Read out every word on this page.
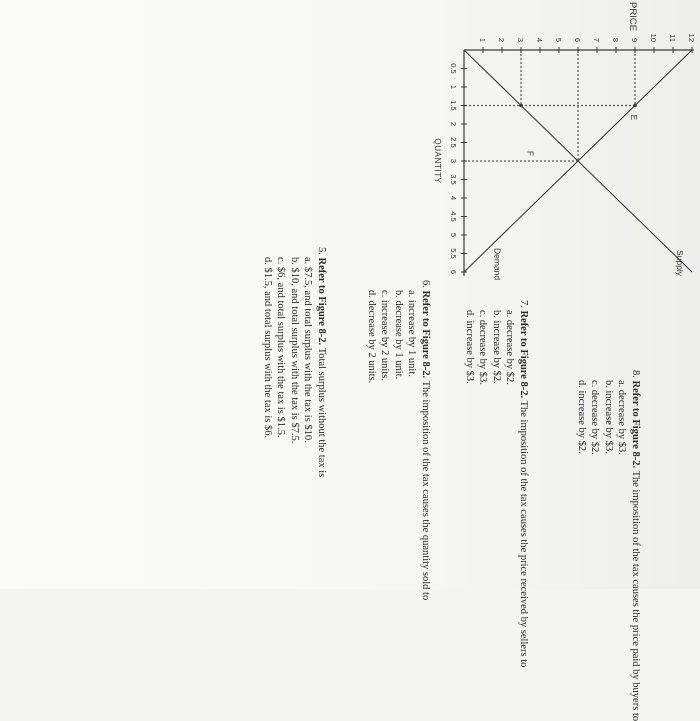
1 2 3 4 5 6 7 8 9 10 11 12
0.5
1
1.5
2
2.5
3
3.5
4
4.5
5
5.5
6
PRICE
QUANTITY
Supply
Demand
E
F
5. Refer to Figure 8-2. Total surplus without the tax is
a. $7.5, and total surplus with the tax is $10.
b. $10, and total surplus with the tax is $7.5.
c. $6, and total surplus with the tax is $1.5.
d. $1.5, and total surplus with the tax is $6.	6. Refer to Figure 8-2. The imposition of the tax causes the quantity sold to
a. increase by 1 unit.
b. decrease by 1 unit.
c. increase by 2 units.
d. decrease by 2 units.	7. Refer to Figure 8-2. The imposition of the tax causes the price received by sellers to
a. decrease by $2.
b. increase by $2.
c. decrease by $3.
d. increase by $3.	8. Refer to Figure 8-2. The imposition of the tax causes the price paid by buyers to
a. decrease by $3.
b. increase by $3.
c. decrease by $2.
d. increase by $2.
